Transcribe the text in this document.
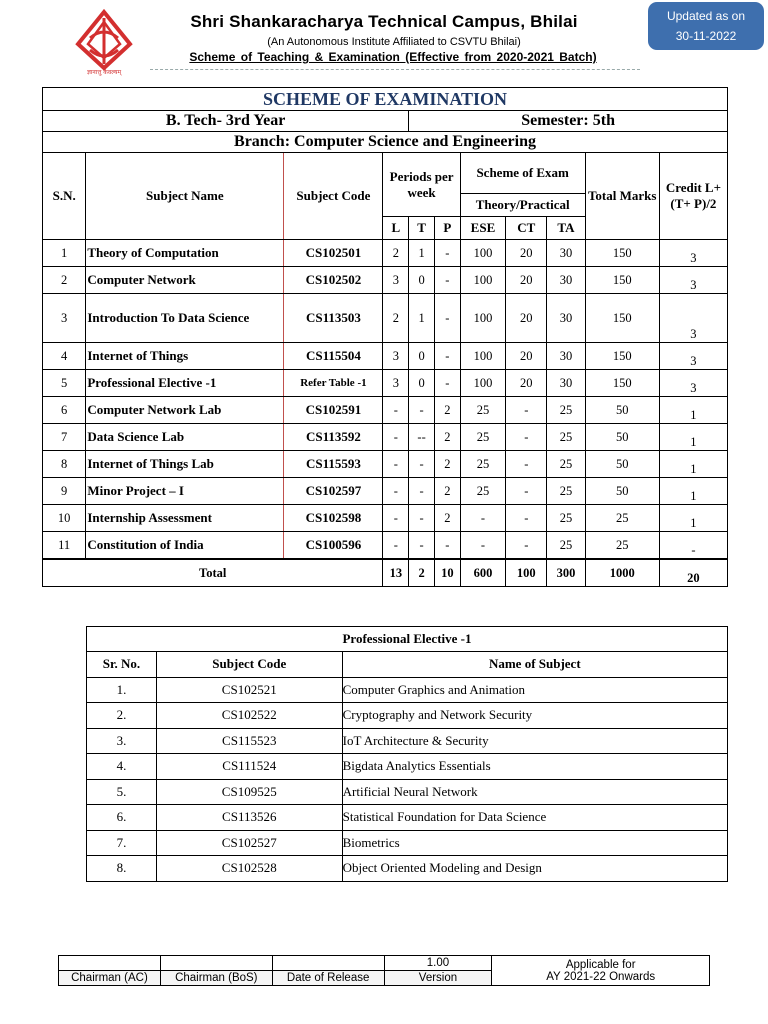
ज्ञानात्तु कैवल्यम्
Shri Shankaracharya Technical Campus, Bhilai
(An Autonomous Institute Affiliated to CSVTU Bhilai)
Scheme of Teaching & Examination (Effective from 2020-2021 Batch)
Updated as on
30-11-2022
SCHEME OF EXAMINATION										
B. Tech- 3rd Year				Semester: 5th						
Branch: Computer Science and Engineering										
S.N.	Subject Name	Subject Code	Periods per week			Scheme of Exam			Total Marks	Credit L+(T+ P)/2
						Theory/Practical				
			L	T	P	ESE	CT	TA		
1	Theory of Computation	CS102501	2	1	-	100	20	30	150	3
2	Computer Network	CS102502	3	0	-	100	20	30	150	3
3	Introduction To Data Science	CS113503	2	1	-	100	20	30	150	3
4	Internet of Things	CS115504	3	0	-	100	20	30	150	3
5	Professional Elective -1	Refer Table -1	3	0	-	100	20	30	150	3
6	Computer Network Lab	CS102591	-	-	2	25	-	25	50	1
7	Data Science Lab	CS113592	-	--	2	25	-	25	50	1
8	Internet of Things Lab	CS115593	-	-	2	25	-	25	50	1
9	Minor Project – I	CS102597	-	-	2	25	-	25	50	1
10	Internship Assessment	CS102598	-	-	2	-	-	25	25	1
11	Constitution of India	CS100596	-	-	-	-	-	25	25	-
Total			13	2	10	600	100	300	1000	20
Professional Elective -1		
Sr. No.	Subject Code	Name of Subject
1.	CS102521	Computer Graphics and Animation
2.	CS102522	Cryptography and Network Security
3.	CS115523	IoT Architecture & Security
4.	CS111524	Bigdata Analytics Essentials
5.	CS109525	Artificial Neural Network
6.	CS113526	Statistical Foundation for Data Science
7.	CS102527	Biometrics
8.	CS102528	Object Oriented Modeling and Design
			1.00	Applicable for
AY 2021-22 Onwards

Chairman (AC)	Chairman (BoS)	Date of Release	Version	
